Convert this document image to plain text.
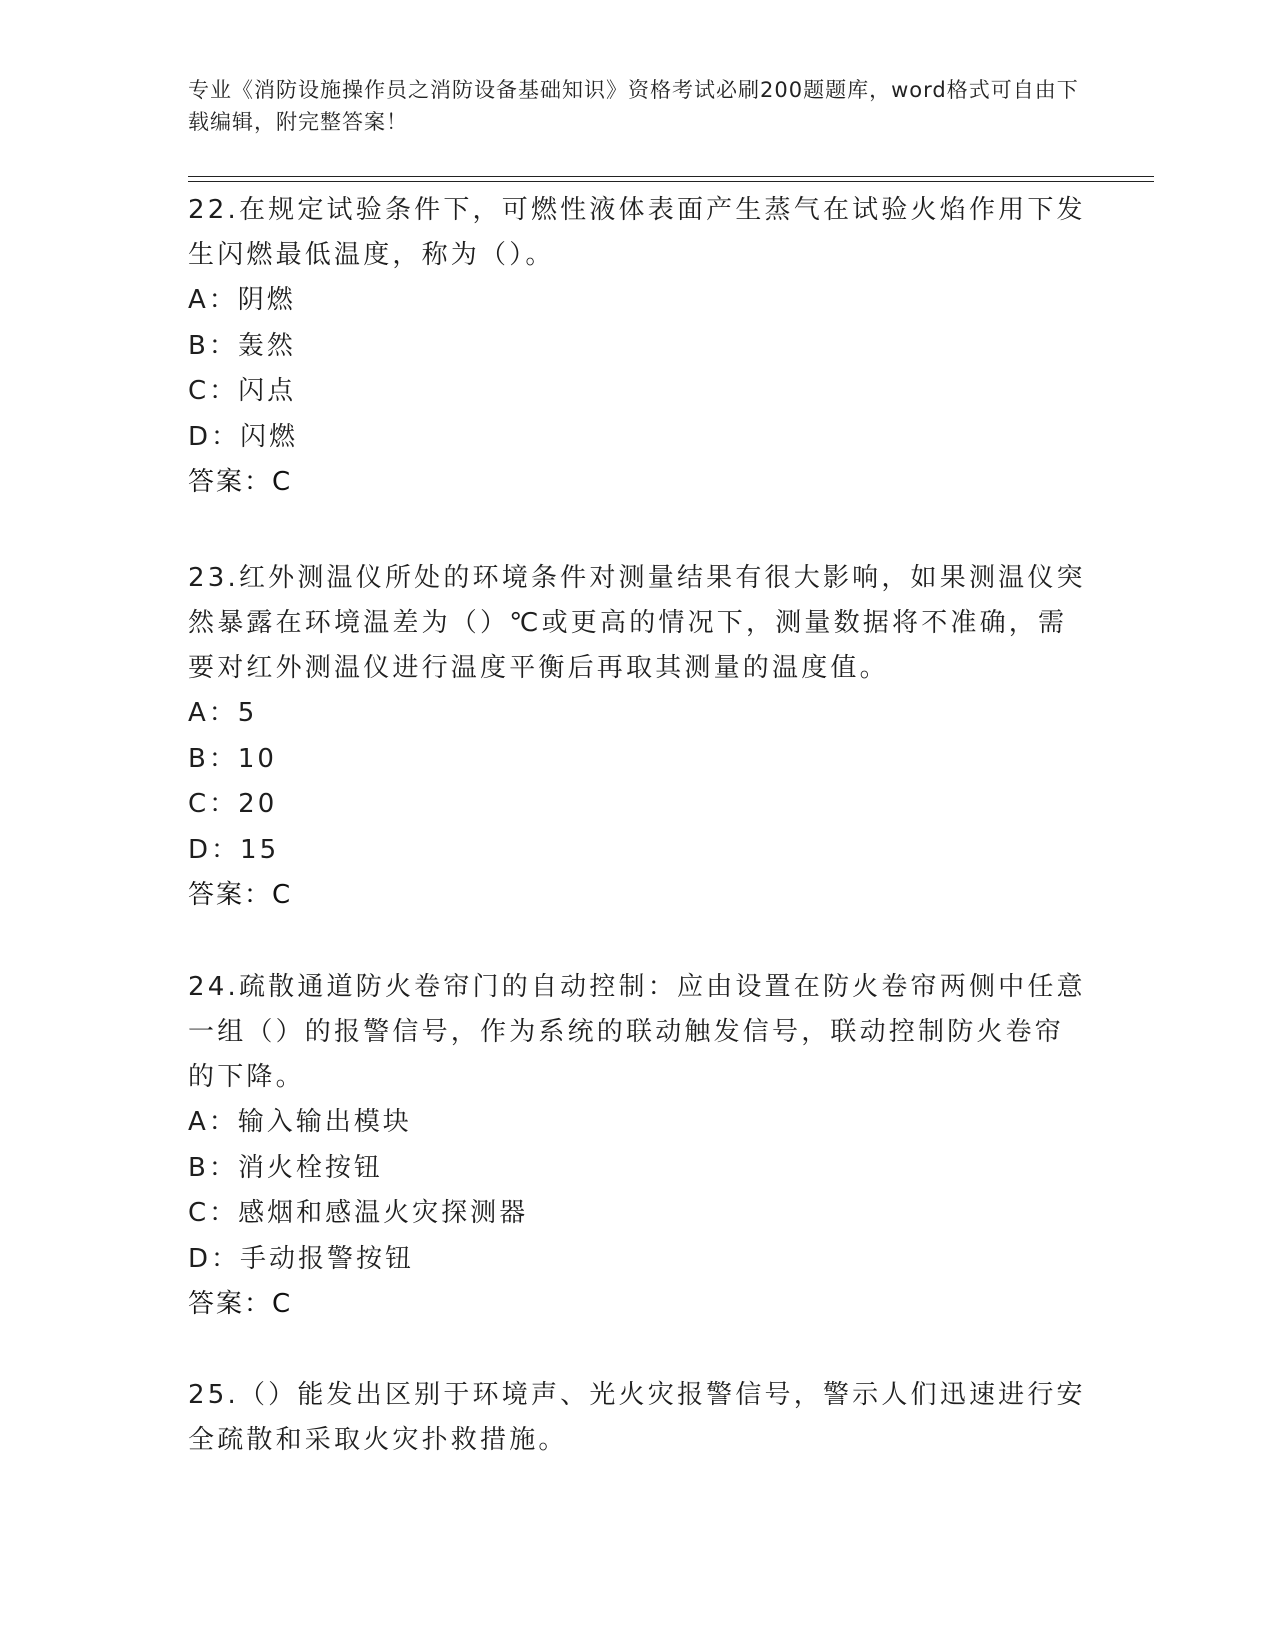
专业《消防设施操作员之消防设备基础知识》资格考试必刷200题题库，word格式可自由下载编辑，附完整答案！

22.在规定试验条件下，可燃性液体表面产生蒸气在试验火焰作用下发生闪燃最低温度，称为（）。

A：阴燃

B：轰然

C：闪点

D：闪燃

答案：C

23.红外测温仪所处的环境条件对测量结果有很大影响，如果测温仪突然暴露在环境温差为（）℃或更高的情况下，测量数据将不准确，需要对红外测温仪进行温度平衡后再取其测量的温度值。

A：5

B：10

C：20

D：15

答案：C

24.疏散通道防火卷帘门的自动控制：应由设置在防火卷帘两侧中任意一组（）的报警信号，作为系统的联动触发信号，联动控制防火卷帘的下降。

A：输入输出模块

B：消火栓按钮

C：感烟和感温火灾探测器

D：手动报警按钮

答案：C

25.（）能发出区别于环境声、光火灾报警信号，警示人们迅速进行安全疏散和采取火灾扑救措施。
